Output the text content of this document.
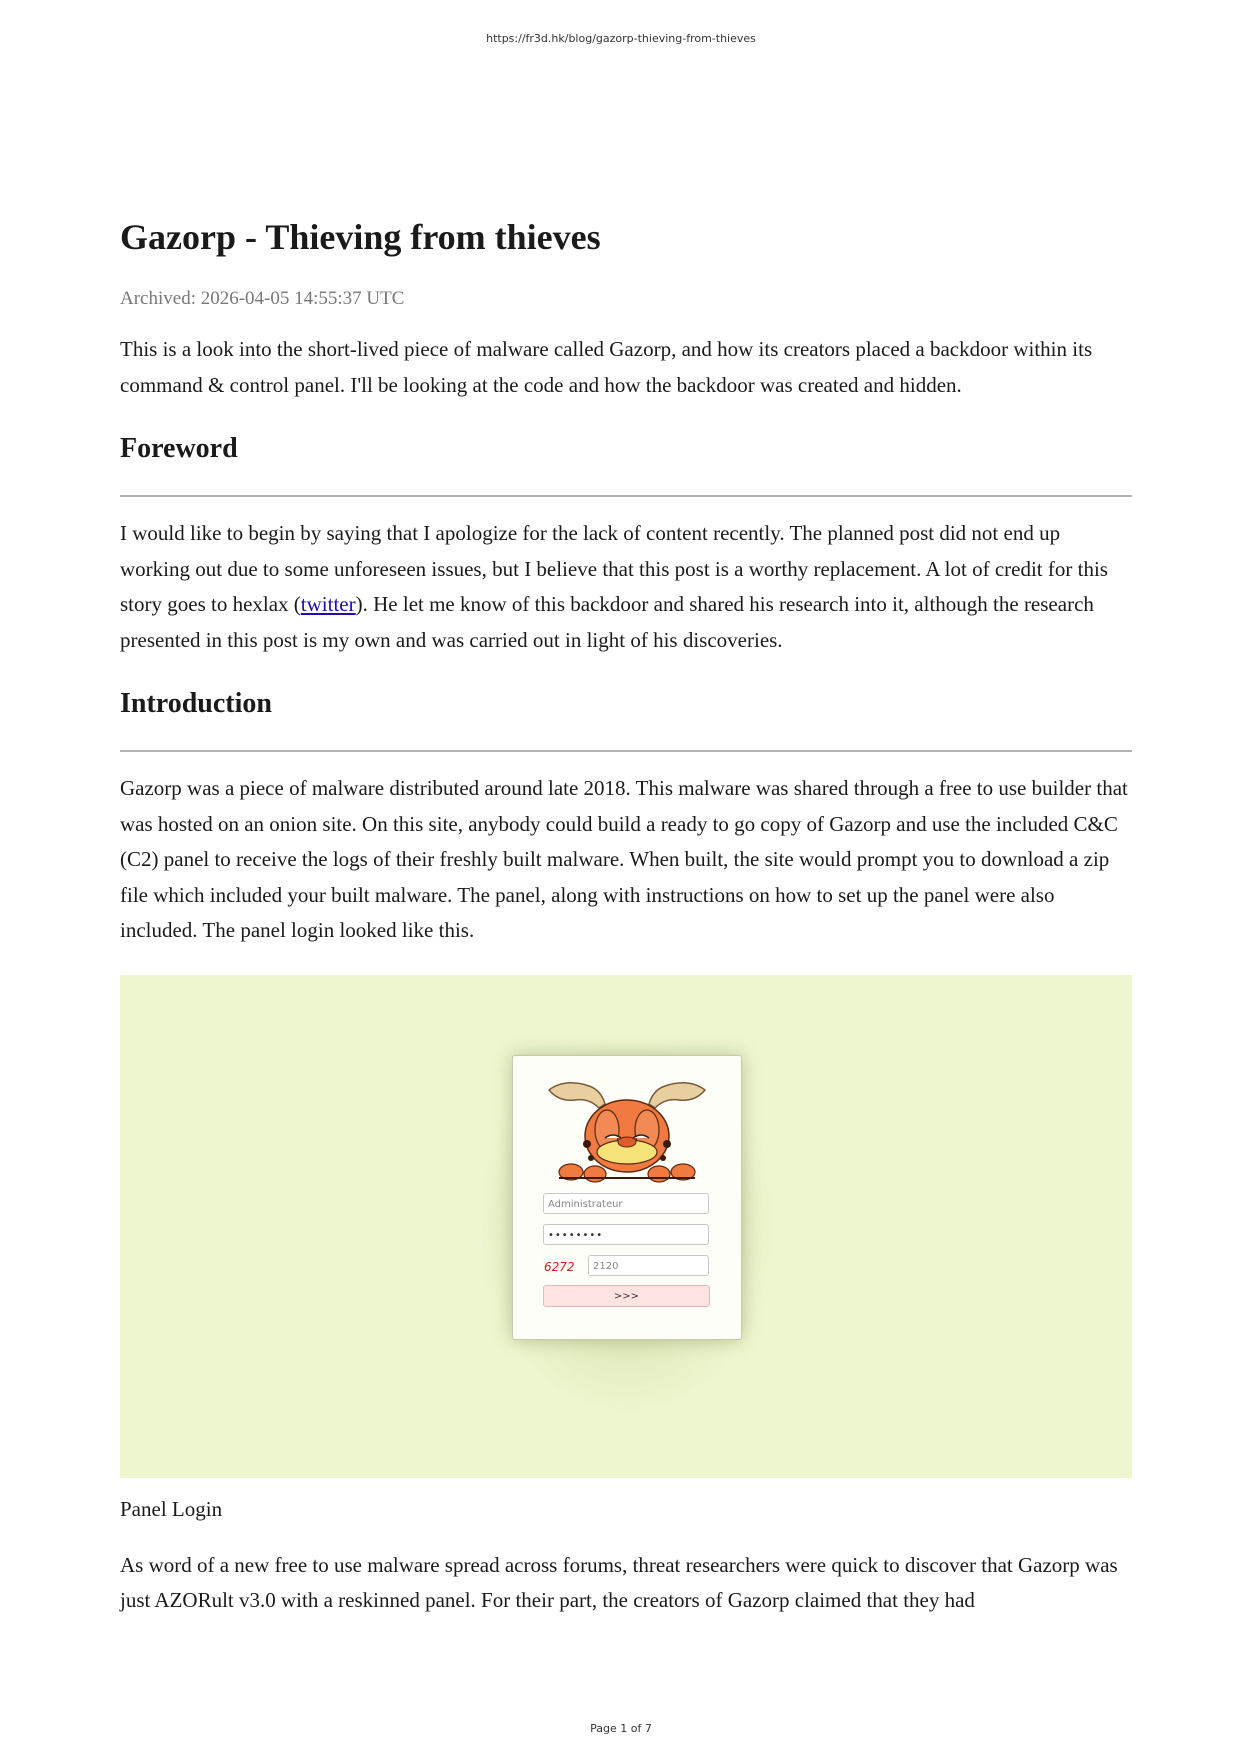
https://fr3d.hk/blog/gazorp-thieving-from-thieves
Gazorp - Thieving from thieves
Archived: 2026-04-05 14:55:37 UTC

This is a look into the short-lived piece of malware called Gazorp, and how its creators placed a backdoor within its command & control panel. I'll be looking at the code and how the backdoor was created and hidden.

Foreword

I would like to begin by saying that I apologize for the lack of content recently. The planned post did not end up working out due to some unforeseen issues, but I believe that this post is a worthy replacement. A lot of credit for this story goes to hexlax (twitter). He let me know of this backdoor and shared his research into it, although the research presented in this post is my own and was carried out in light of his discoveries.

Introduction

Gazorp was a piece of malware distributed around late 2018. This malware was shared through a free to use builder that was hosted on an onion site. On this site, anybody could build a ready to go copy of Gazorp and use the included C&C (C2) panel to receive the logs of their freshly built malware. When built, the site would prompt you to download a zip file which included your built malware. The panel, along with instructions on how to set up the panel were also included. The panel login looked like this.

Administrateur
••••••••
6272	2120
>>>
Panel Login

As word of a new free to use malware spread across forums, threat researchers were quick to discover that Gazorp was just AZORult v3.0 with a reskinned panel. For their part, the creators of Gazorp claimed that they had

Page 1 of 7
